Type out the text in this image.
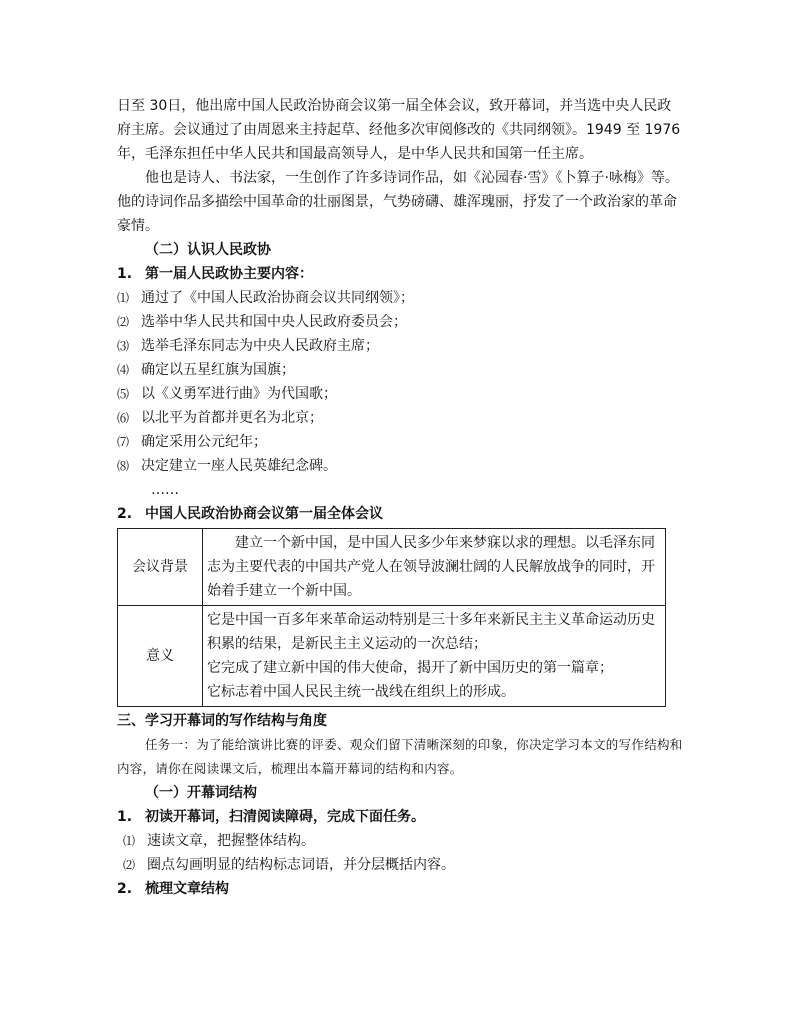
日至 30日，他出席中国人民政治协商会议第一届全体会议，致开幕词，并当选中央人民政府主席。会议通过了由周恩来主持起草、经他多次审阅修改的《共同纲领》。1949 至 1976 年，毛泽东担任中华人民共和国最高领导人，是中华人民共和国第一任主席。

他也是诗人、书法家，一生创作了许多诗词作品，如《沁园春·雪》《卜算子·咏梅》等。他的诗词作品多描绘中国革命的壮丽图景，气势磅礴、雄浑瑰丽，抒发了一个政治家的革命豪情。

（二）认识人民政协
1. 第一届人民政协主要内容：
⑴ 通过了《中国人民政治协商会议共同纲领》；
⑵ 选举中华人民共和国中央人民政府委员会；
⑶ 选举毛泽东同志为中央人民政府主席；
⑷ 确定以五星红旗为国旗；
⑸ 以《义勇军进行曲》为代国歌；
⑹ 以北平为首都并更名为北京；
⑺ 确定采用公元纪年；
⑻ 决定建立一座人民英雄纪念碑。
……
2. 中国人民政治协商会议第一届全体会议
会议背景	建立一个新中国，是中国人民多少年来梦寐以求的理想。以毛泽东同志为主要代表的中国共产党人在领导波澜壮阔的人民解放战争的同时，开始着手建立一个新中国。
意义	它是中国一百多年来革命运动特别是三十多年来新民主主义革命运动历史积累的结果，是新民主主义运动的一次总结；
它完成了建立新中国的伟大使命，揭开了新中国历史的第一篇章；
它标志着中国人民民主统一战线在组织上的形成。
三、学习开幕词的写作结构与角度

任务一：为了能给演讲比赛的评委、观众们留下清晰深刻的印象，你决定学习本文的写作结构和内容，请你在阅读课文后，梳理出本篇开幕词的结构和内容。

（一）开幕词结构
1. 初读开幕词，扫清阅读障碍，完成下面任务。
⑴ 速读文章，把握整体结构。
⑵ 圈点勾画明显的结构标志词语，并分层概括内容。
2. 梳理文章结构
